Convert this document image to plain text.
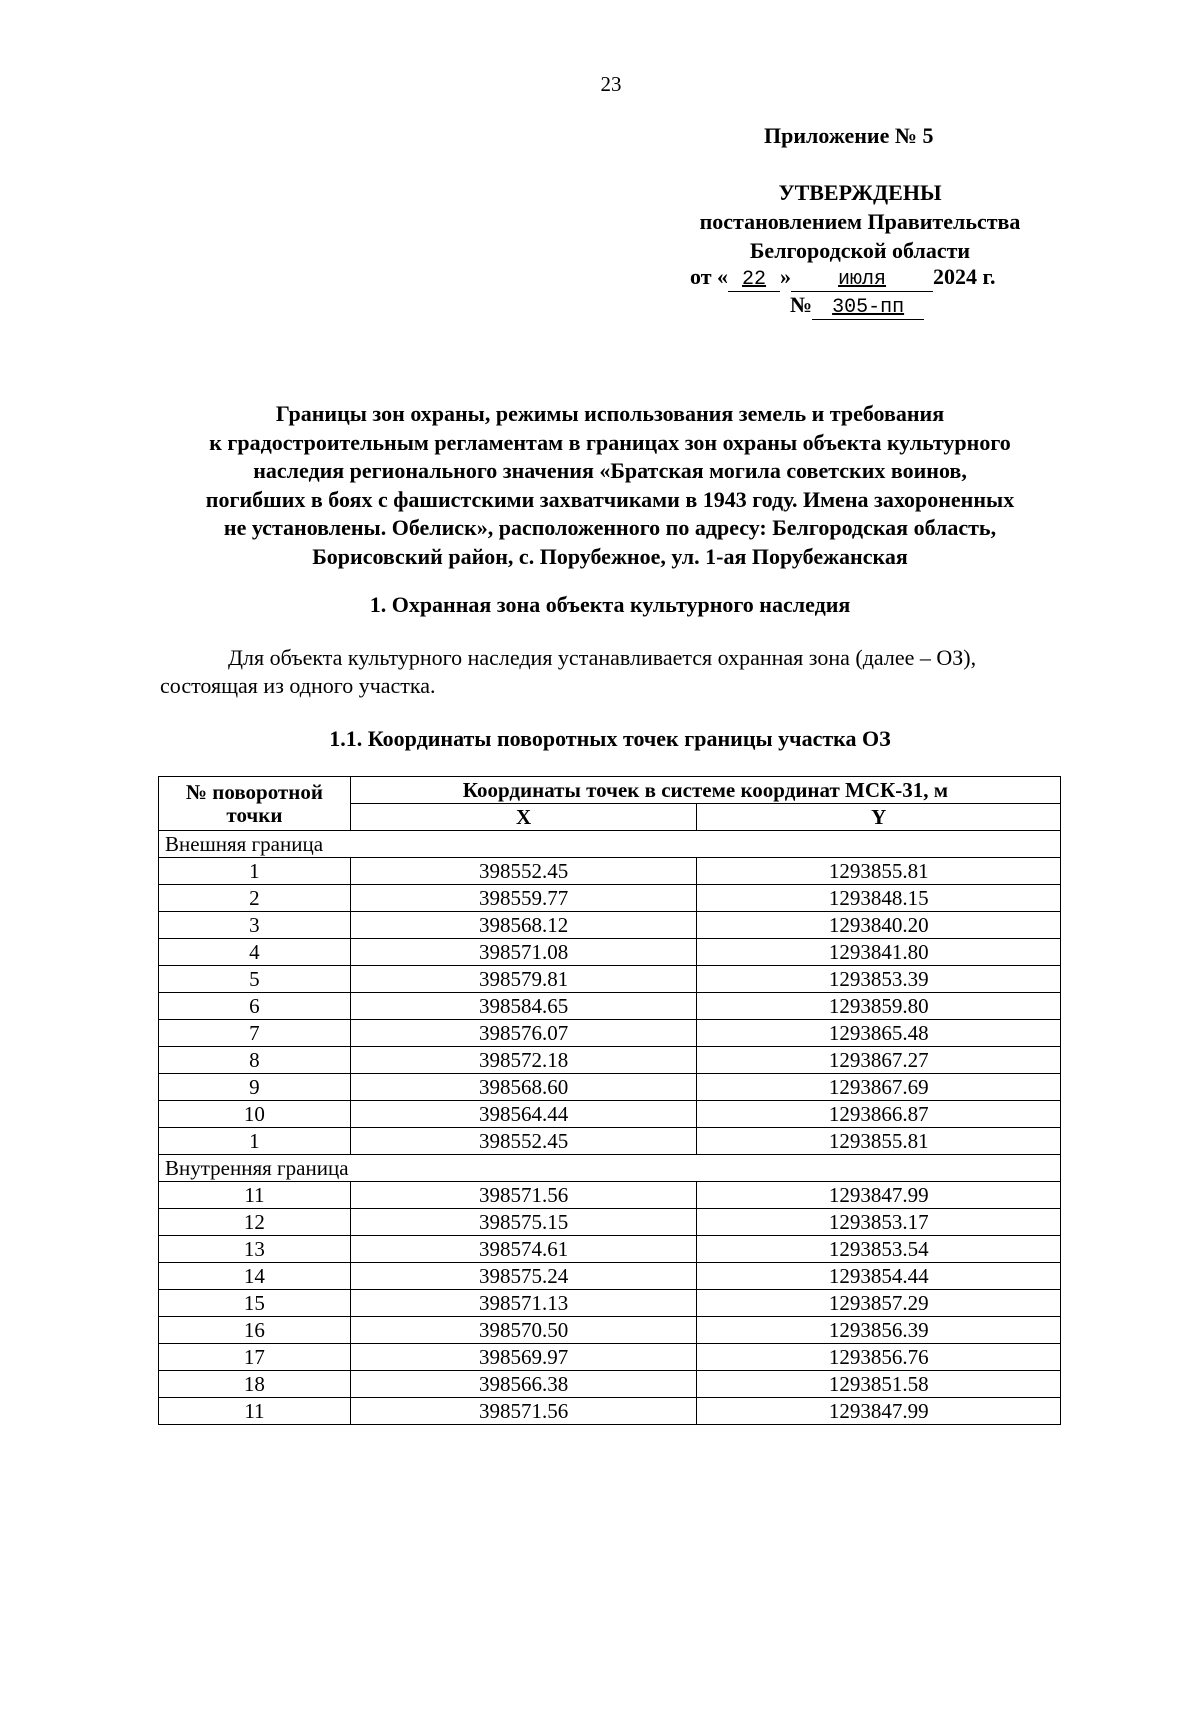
23
Приложение № 5
УТВЕРЖДЕНЫ
постановлением Правительства
Белгородской области
от « 22 » июля 2024 г.
№ 305-пп
Границы зон охраны, режимы использования земель и требования
к градостроительным регламентам в границах зон охраны объекта культурного
наследия регионального значения «Братская могила советских воинов,
погибших в боях с фашистскими захватчиками в 1943 году. Имена захороненных
не установлены. Обелиск», расположенного по адресу: Белгородская область,
Борисовский район, с. Порубежное, ул. 1-ая Порубежанская
1. Охранная зона объекта культурного наследия
Для объекта культурного наследия устанавливается охранная зона (далее – ОЗ),
состоящая из одного участка.
1.1. Координаты поворотных точек границы участка ОЗ
№ поворотной точки	Координаты точек в системе координат МСК-31, м	
	X	Y
Внешняя граница		
1	398552.45	1293855.81
2	398559.77	1293848.15
3	398568.12	1293840.20
4	398571.08	1293841.80
5	398579.81	1293853.39
6	398584.65	1293859.80
7	398576.07	1293865.48
8	398572.18	1293867.27
9	398568.60	1293867.69
10	398564.44	1293866.87
1	398552.45	1293855.81
Внутренняя граница		
11	398571.56	1293847.99
12	398575.15	1293853.17
13	398574.61	1293853.54
14	398575.24	1293854.44
15	398571.13	1293857.29
16	398570.50	1293856.39
17	398569.97	1293856.76
18	398566.38	1293851.58
11	398571.56	1293847.99
